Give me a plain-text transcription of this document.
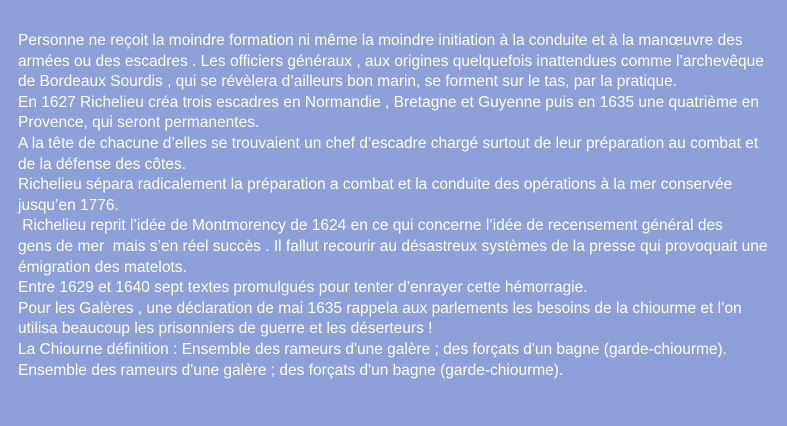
Personne ne reçoit la moindre formation ni même la moindre initiation à la conduite et à la manœuvre des
armées ou des escadres . Les officiers généraux , aux origines quelquefois inattendues comme l’archevêque
de Bordeaux Sourdis , qui se révèlera d’ailleurs bon marin, se forment sur le tas, par la pratique.
En 1627 Richelieu créa trois escadres en Normandie , Bretagne et Guyenne puis en 1635 une quatrième en
Provence, qui seront permanentes.
A la tête de chacune d’elles se trouvaient un chef d’escadre chargé surtout de leur préparation au combat et
de la défense des côtes.
Richelieu sépara radicalement la préparation a combat et la conduite des opérations à la mer conservée
jusqu’en 1776.
Richelieu reprit l’idée de Montmorency de 1624 en ce qui concerne l’idée de recensement général des
gens de mer  mais s’en réel succès . Il fallut recourir au désastreux systèmes de la presse qui provoquait une
émigration des matelots.
Entre 1629 et 1640 sept textes promulgués pour tenter d’enrayer cette hémorragie.
Pour les Galères , une déclaration de mai 1635 rappela aux parlements les besoins de la chiourme et l’on
utilisa beaucoup les prisonniers de guerre et les déserteurs !
La Chiourne définition : Ensemble des rameurs d'une galère ; des forçats d'un bagne (garde-chiourme).
Ensemble des rameurs d'une galère ; des forçats d'un bagne (garde-chiourme).
